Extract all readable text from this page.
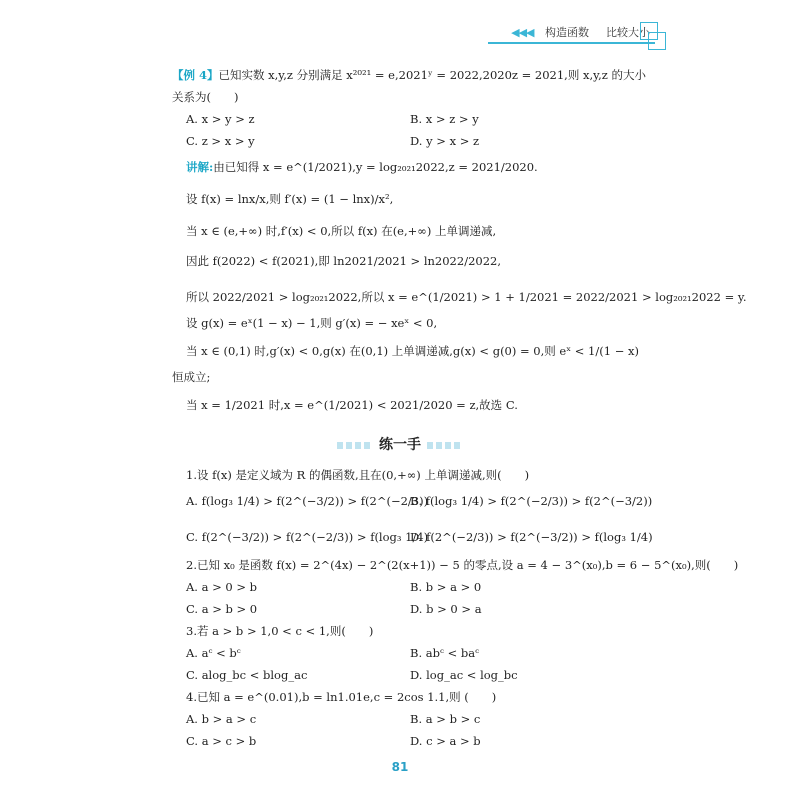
◀◀◀ 构造函数 比较大小
【例 4】已知实数 x,y,z 分别满足 x²⁰²¹ = e,2021ʸ = 2022,2020z = 2021,则 x,y,z 的大小
关系为(　　)
A. x > y > z	B. x > z > y
C. z > x > y	D. y > x > z
讲解:由已知得 x = e^(1/2021),y = log₂₀₂₁2022,z = 2021/2020.
设 f(x) = lnx/x,则 f′(x) = (1 − lnx)/x²,
当 x ∈ (e,+∞) 时,f′(x) < 0,所以 f(x) 在(e,+∞) 上单调递减,
因此 f(2022) < f(2021),即 ln2021/2021 > ln2022/2022,
所以 2022/2021 > log₂₀₂₁2022,所以 x = e^(1/2021) > 1 + 1/2021 = 2022/2021 > log₂₀₂₁2022 = y.
设 g(x) = eˣ(1 − x) − 1,则 g′(x) = − xeˣ < 0,
当 x ∈ (0,1) 时,g′(x) < 0,g(x) 在(0,1) 上单调递减,g(x) < g(0) = 0,则 eˣ < 1/(1 − x)
恒成立;
当 x = 1/2021 时,x = e^(1/2021) < 2021/2020 = z,故选 C.
练一手
1.设 f(x) 是定义域为 R 的偶函数,且在(0,+∞) 上单调递减,则(　　)
A. f(log₃ 1/4) > f(2^(−3/2)) > f(2^(−2/3))
B. f(log₃ 1/4) > f(2^(−2/3)) > f(2^(−3/2))
C. f(2^(−3/2)) > f(2^(−2/3)) > f(log₃ 1/4)
D. f(2^(−2/3)) > f(2^(−3/2)) > f(log₃ 1/4)
2.已知 x₀ 是函数 f(x) = 2^(4x) − 2^(2(x+1)) − 5 的零点,设 a = 4 − 3^(x₀),b = 6 − 5^(x₀),则(　　)
A. a > 0 > b	B. b > a > 0
C. a > b > 0	D. b > 0 > a
3.若 a > b > 1,0 < c < 1,则(　　)
A. aᶜ < bᶜ	B. abᶜ < baᶜ
C. alog_bc < blog_ac	D. log_ac < log_bc
4.已知 a = e^(0.01),b = ln1.01e,c = 2cos 1.1,则 (　　)
A. b > a > c	B. a > b > c
C. a > c > b	D. c > a > b
81
